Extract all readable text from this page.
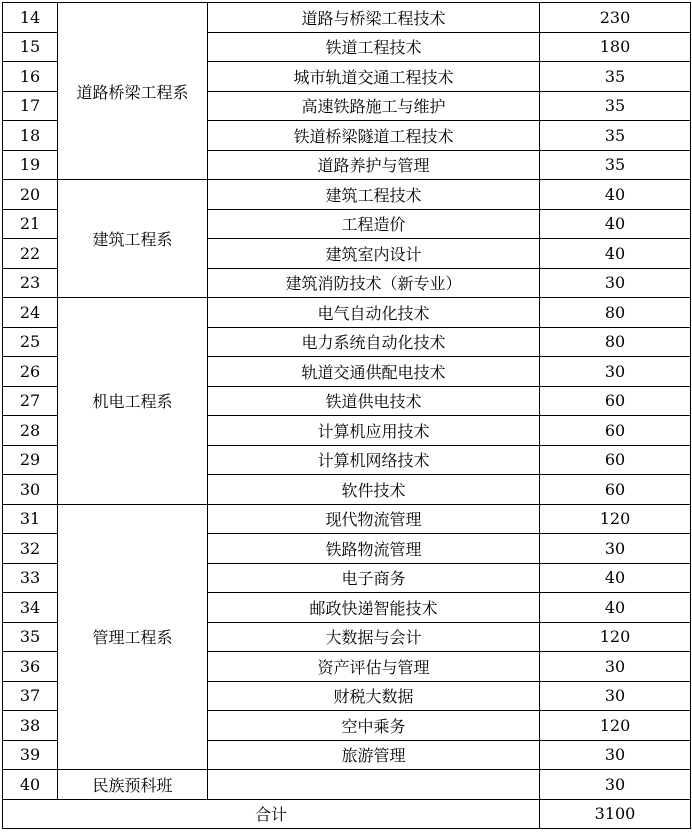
14	道路桥梁工程系	道路与桥梁工程技术	230
15		铁道工程技术	180
16		城市轨道交通工程技术	35
17		高速铁路施工与维护	35
18		铁道桥梁隧道工程技术	35
19		道路养护与管理	35
20	建筑工程系	建筑工程技术	40
21		工程造价	40
22		建筑室内设计	40
23		建筑消防技术（新专业）	30
24	机电工程系	电气自动化技术	80
25		电力系统自动化技术	80
26		轨道交通供配电技术	30
27		铁道供电技术	60
28		计算机应用技术	60
29		计算机网络技术	60
30		软件技术	60
31	管理工程系	现代物流管理	120
32		铁路物流管理	30
33		电子商务	40
34		邮政快递智能技术	40
35		大数据与会计	120
36		资产评估与管理	30
37		财税大数据	30
38		空中乘务	120
39		旅游管理	30
40	民族预科班		30
合计			3100
